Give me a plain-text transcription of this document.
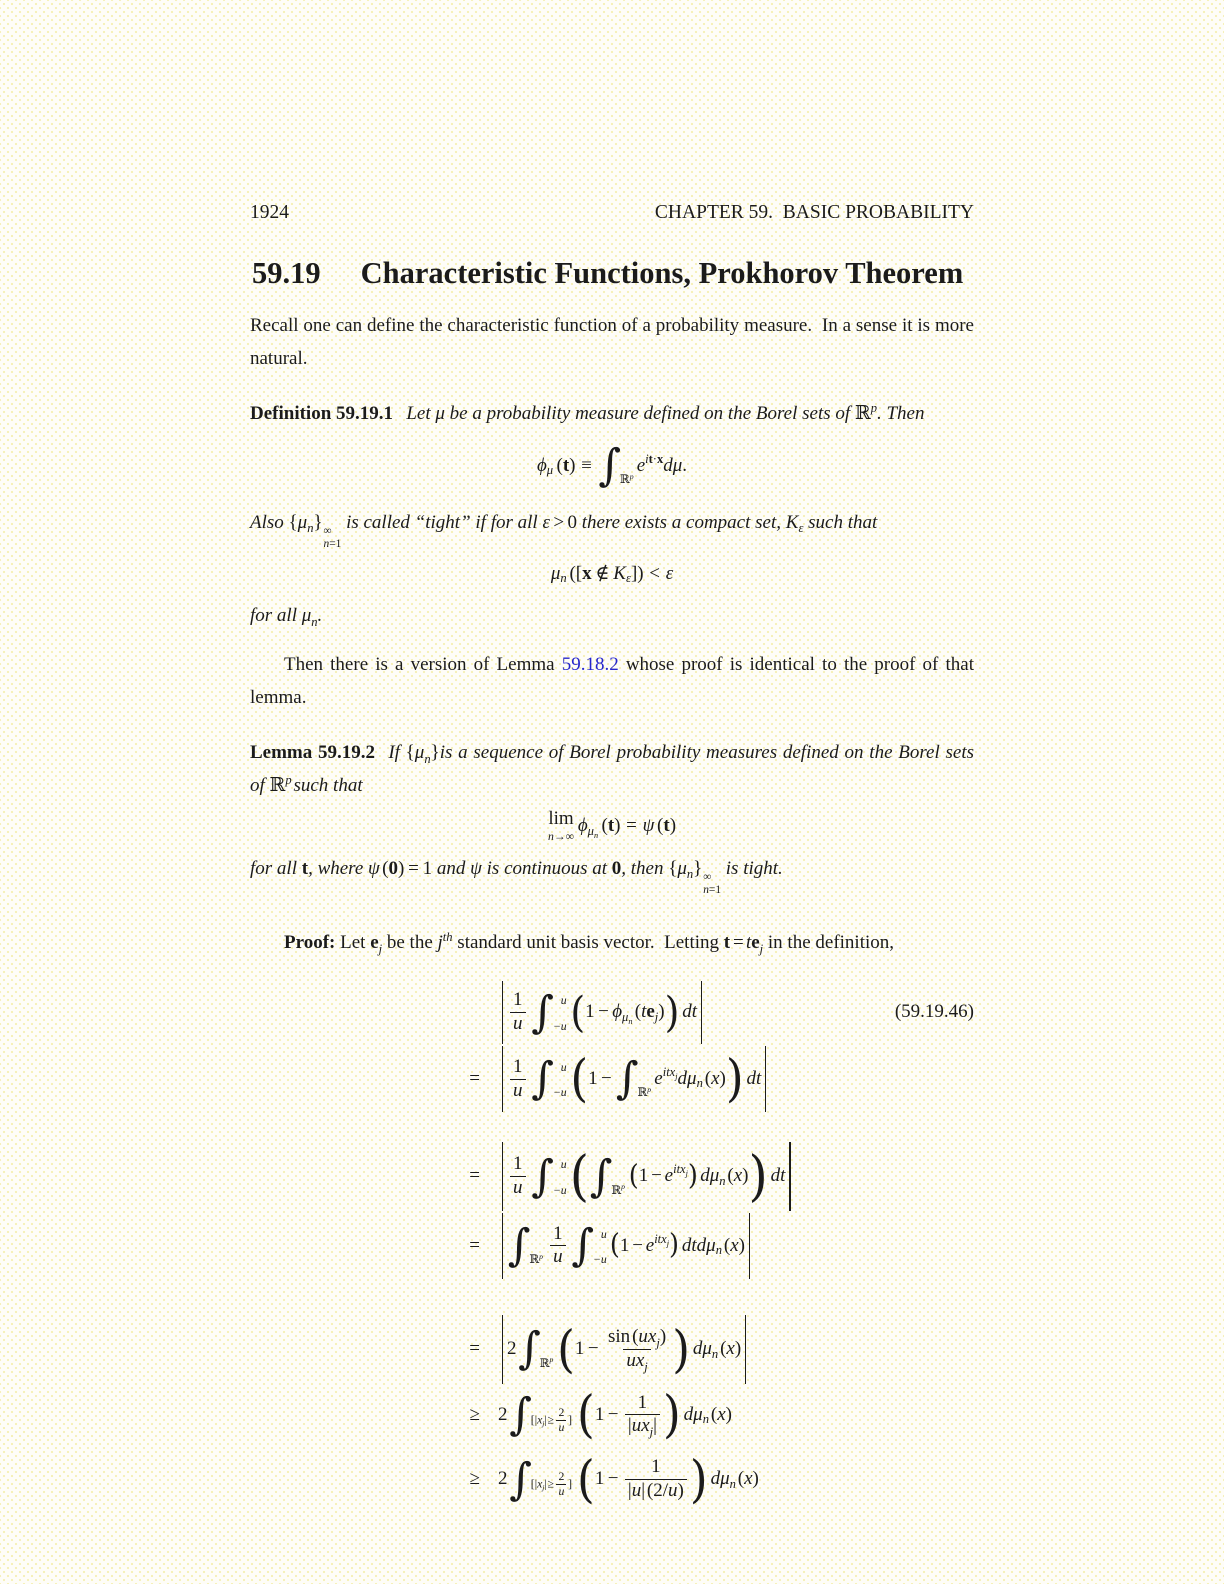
1924	CHAPTER 59.  BASIC PROBABILITY
59.19 Characteristic Functions, Prokhorov Theorem

Recall one can define the characteristic function of a probability measure.  In a sense it is more natural.

Definition 59.19.1 Let μ be a probability measure defined on the Borel sets of ℝ$^p$. Then

ϕ μ ( t ) ≡ ∫
ℝ$^p$
e it·x d μ .

Also $\{\mu_n\}$ ∞
n=1
is called “tight” if for all ε > 0 there exists a compact set, $K_\varepsilon$ such that

μ n ( [ x ∉ K ε ] ) < ε

for all $\mu_n$.

Then there is a version of Lemma 59.18.2 whose proof is identical to the proof of that lemma.

Lemma 59.19.2 If $\{\mu_n\}is$ a sequence of Borel probability measures defined on the Borel sets of ℝ$^p$such that

lim
n→∞
ϕ $\mu_n$ ( t ) = ψ ( t )

for all t, where ψ (0) = 1 and ψ is continuous at 0, then $\{\mu_n\}$ ∞
n=1
is tight.

Proof: Let $e_j$ be the $j^{th}$ standard unit basis vector.  Letting $t = te_j$ in the definition,

$\frac{1}{u}$ ∫ u
−u ( 1 − ϕ $\mu_n$ ( t e j ) ) dt	(59.19.46)
=	$\frac{1}{u}$ ∫ u
−u ( 1 − ∫
ℝ$^p$
e itx$_j$ d μ n ( x ) ) dt
=	$\frac{1}{u}$ ∫ u
−u ( ∫
ℝ$^p$ ( 1 − e itx$_j$ ) d μ n ( x ) ) dt
= ∫
ℝ$^p$ $\frac{1}{u}$ ∫ u
−u ( 1 − e itx$_j$ ) dtd μ n ( x )
=	2 ∫
ℝ$^p$ ( 1 −
$\sin(ux_j)$
$ux_j$ ) d μ n ( x )
≥ 2 ∫
[$|x_j|\ge \frac{2}{u}$ ] ( 1 −
1
$|ux_j|$ ) d μ n ( x )
≥ 2 ∫
[$|x_j|\ge \frac{2}{u}$ ] ( $1 - \frac{1}{|u|(2/u)}$ ) d μ n ( x )
